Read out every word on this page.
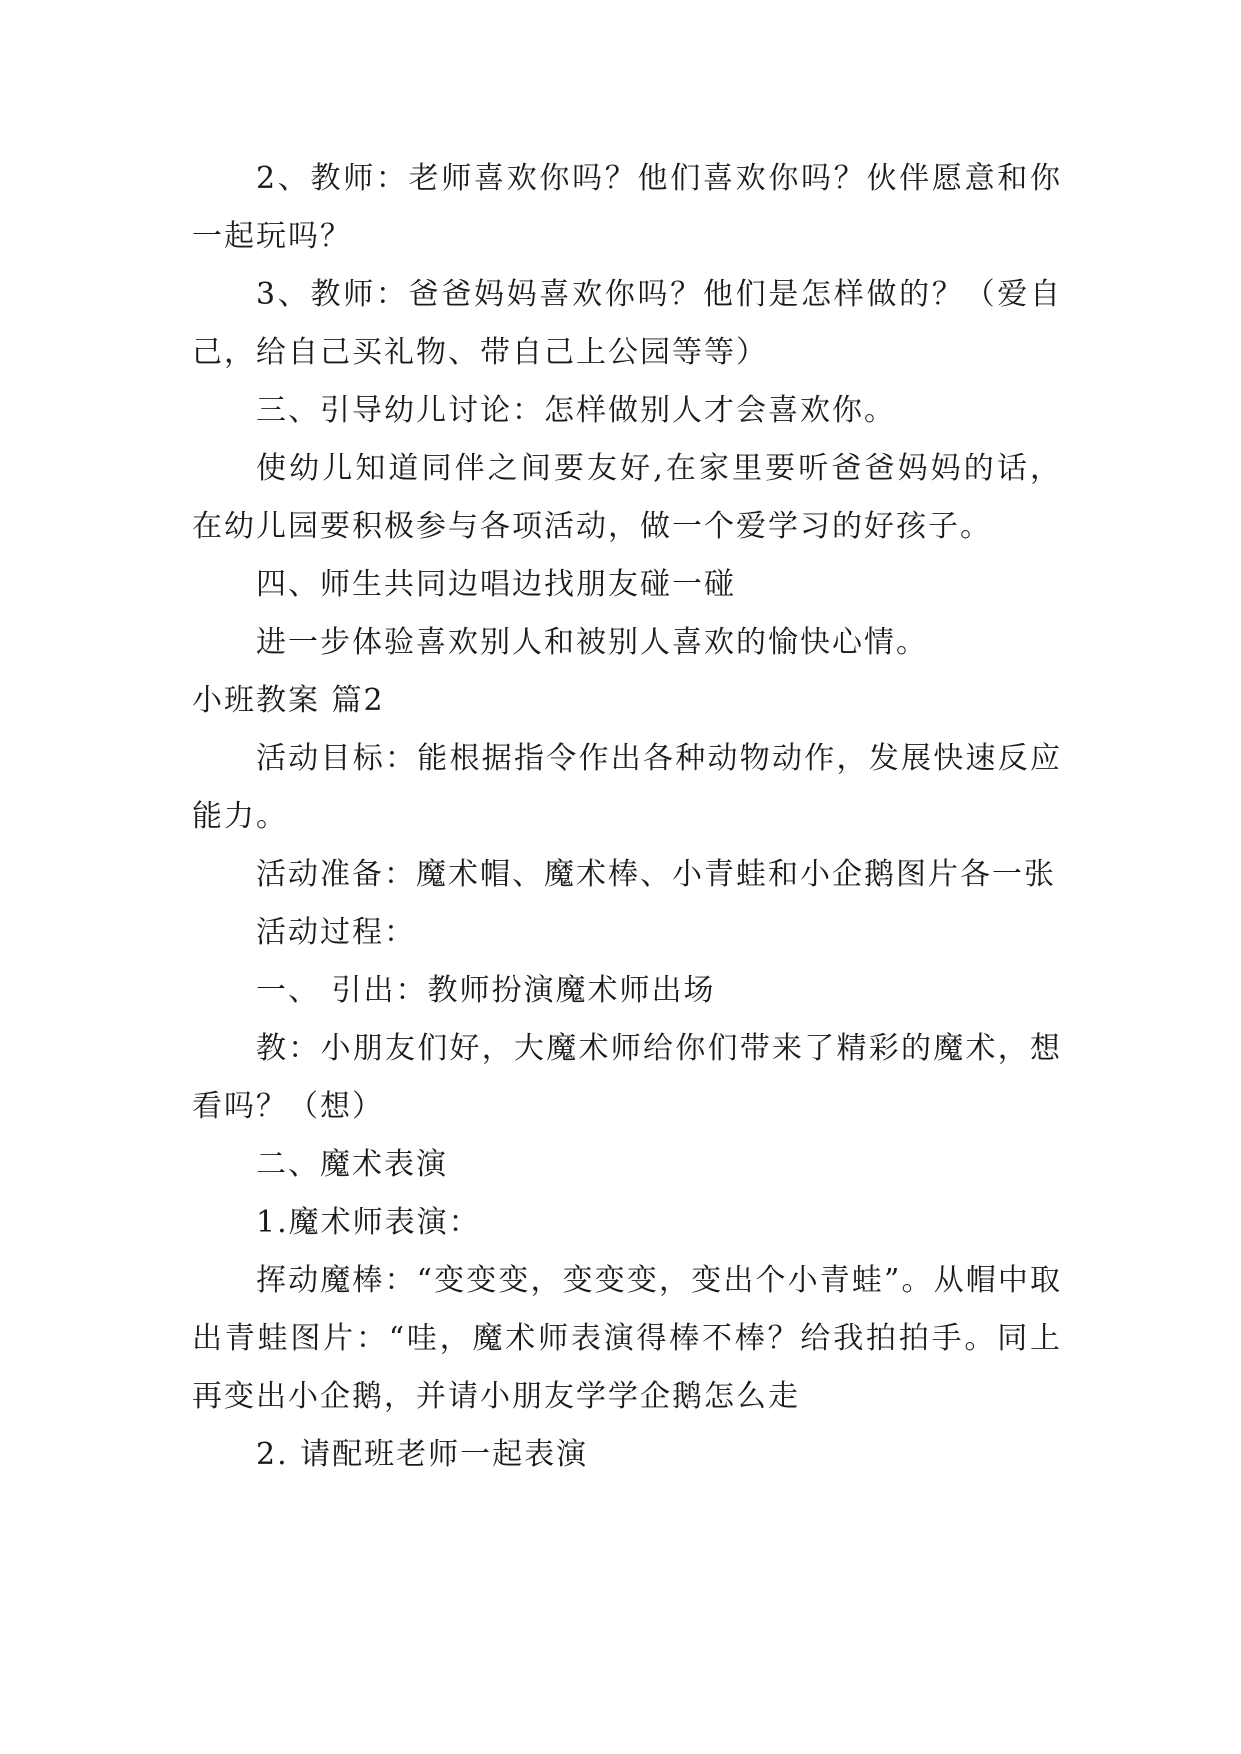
2、教师：老师喜欢你吗？他们喜欢你吗？伙伴愿意和你一起玩吗？

3、教师：爸爸妈妈喜欢你吗？他们是怎样做的？（爱自己，给自己买礼物、带自己上公园等等）

三、引导幼儿讨论：怎样做别人才会喜欢你。

使幼儿知道同伴之间要友好,在家里要听爸爸妈妈的话，在幼儿园要积极参与各项活动，做一个爱学习的好孩子。

四、师生共同边唱边找朋友碰一碰

进一步体验喜欢别人和被别人喜欢的愉快心情。

小班教案 篇2

活动目标：能根据指令作出各种动物动作，发展快速反应能力。

活动准备：魔术帽、魔术棒、小青蛙和小企鹅图片各一张

活动过程：

一、 引出：教师扮演魔术师出场

教：小朋友们好，大魔术师给你们带来了精彩的魔术，想看吗？（想）

二、魔术表演

1.魔术师表演：

挥动魔棒：“变变变，变变变，变出个小青蛙”。从帽中取出青蛙图片：“哇，魔术师表演得棒不棒？给我拍拍手。同上再变出小企鹅，并请小朋友学学企鹅怎么走

2. 请配班老师一起表演
